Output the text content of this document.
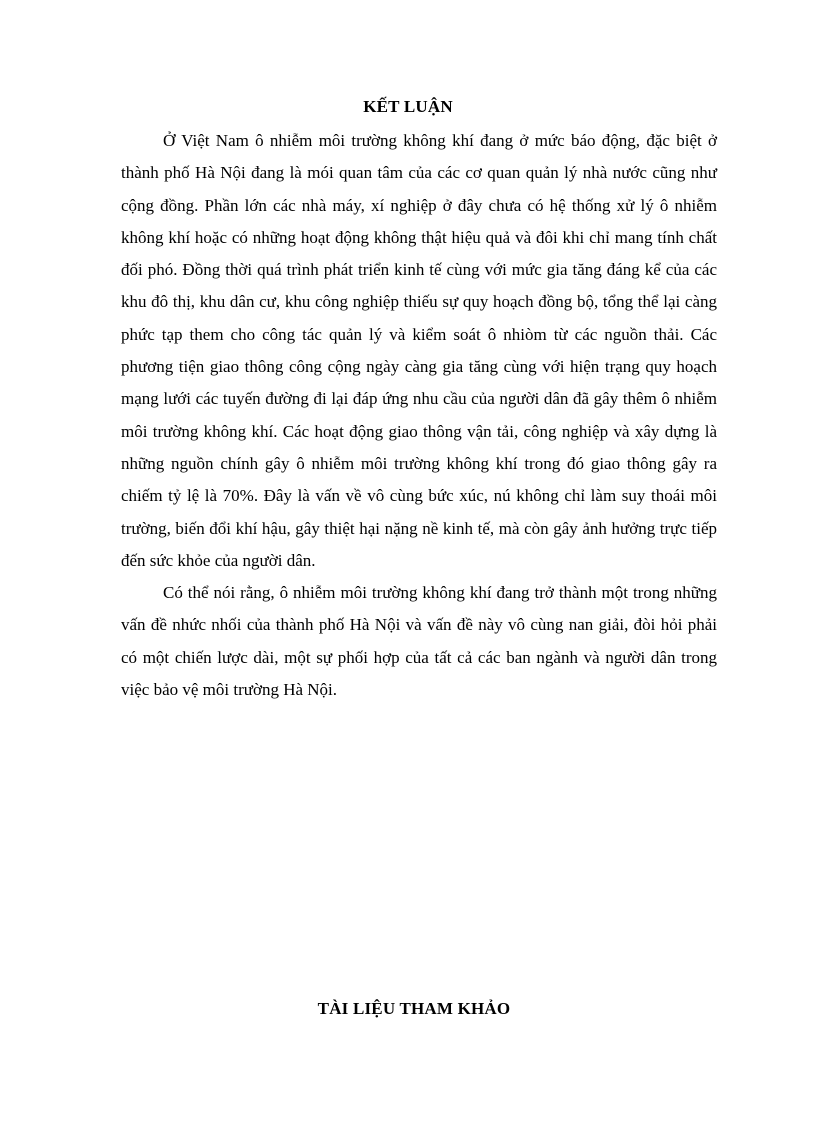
KẾT LUẬN

Ở Việt Nam ô nhiễm môi trường không khí đang ở mức báo động, đặc biệt ở thành phố Hà Nội đang là mói quan tâm của các cơ quan quản lý nhà nước cũng như cộng đồng. Phần lớn các nhà máy, xí nghiệp ở đây chưa có hệ thống xử lý ô nhiễm không khí hoặc có những hoạt động không thật hiệu quả và đôi khi chỉ mang tính chất đối phó. Đồng thời quá trình phát triển kinh tế cùng với mức gia tăng đáng kể của các khu đô thị, khu dân cư, khu công nghiệp thiếu sự quy hoạch đồng bộ, tổng thể lại càng phức tạp them cho công tác quản lý và kiểm soát ô nhiòm từ các nguồn thải. Các phương tiện giao thông công cộng ngày càng gia tăng cùng với hiện trạng quy hoạch mạng lưới các tuyến đường đi lại đáp ứng nhu cầu của người dân đã gây thêm ô nhiễm môi trường không khí. Các hoạt động giao thông vận tải, công nghiệp và xây dựng là những nguồn chính gây ô nhiễm môi trường không khí trong đó giao thông gây ra chiếm tỷ lệ là 70%. Đây là vấn về vô cùng bức xúc, nú không chỉ làm suy thoái môi trường, biến đổi khí hậu, gây thiệt hại nặng nề kinh tế, mà còn gây ảnh hưởng trực tiếp đến sức khỏe của người dân.

Có thể nói rằng, ô nhiễm môi trường không khí đang trở thành một trong những vấn đề nhức nhối của thành phố Hà Nội và vấn đề này vô cùng nan giải, đòi hỏi phải có một chiến lược dài, một sự phối hợp của tất cả các ban ngành và người dân trong việc bảo vệ môi trường Hà Nội.

TÀI LIỆU THAM KHẢO
